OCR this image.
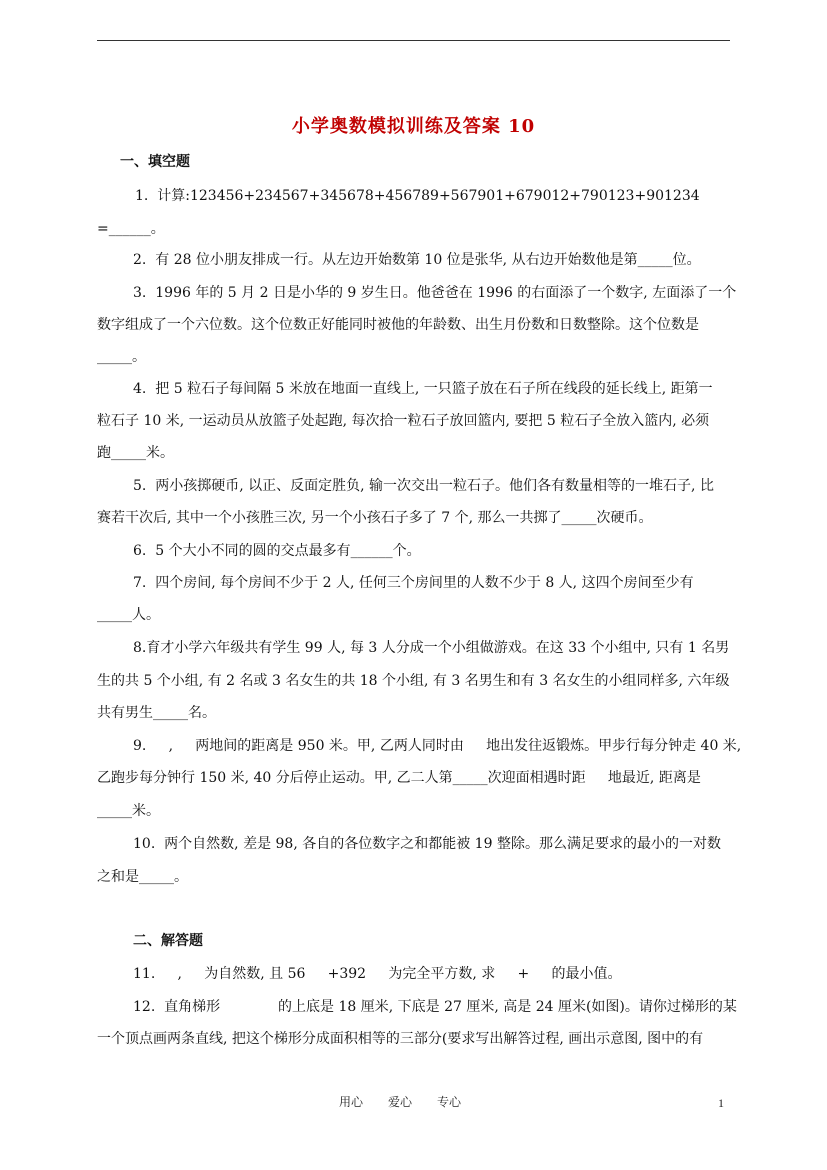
小学奥数模拟训练及答案 10
一、填空题
1.  计算:123456+234567+345678+456789+567901+679012+790123+901234
=______。
2.  有 28 位小朋友排成一行。从左边开始数第 10 位是张华, 从右边开始数他是第_____位。
3.  1996 年的 5 月 2 日是小华的 9 岁生日。他爸爸在 1996 的右面添了一个数字, 左面添了一个
数字组成了一个六位数。这个位数正好能同时被他的年龄数、出生月份数和日数整除。这个位数是
_____。
4.  把 5 粒石子每间隔 5 米放在地面一直线上, 一只篮子放在石子所在线段的延长线上, 距第一
粒石子 10 米, 一运动员从放篮子处起跑, 每次拾一粒石子放回篮内, 要把 5 粒石子全放入篮内, 必须
跑_____米。
5.  两小孩掷硬币, 以正、反面定胜负, 输一次交出一粒石子。他们各有数量相等的一堆石子, 比
赛若干次后, 其中一个小孩胜三次, 另一个小孩石子多了 7 个, 那么一共掷了_____次硬币。
6.  5 个大小不同的圆的交点最多有______个。
7.  四个房间, 每个房间不少于 2 人, 任何三个房间里的人数不少于 8 人, 这四个房间至少有
_____人。
8.育才小学六年级共有学生 99 人, 每 3 人分成一个小组做游戏。在这 33 个小组中, 只有 1 名男
生的共 5 个小组, 有 2 名或 3 名女生的共 18 个小组, 有 3 名男生和有 3 名女生的小组同样多, 六年级
共有男生_____名。
9.     ,     两地间的距离是 950 米。甲, 乙两人同时由     地出发往返锻炼。甲步行每分钟走 40 米,
乙跑步每分钟行 150 米, 40 分后停止运动。甲, 乙二人第_____次迎面相遇时距     地最近, 距离是
_____米。
10.  两个自然数, 差是 98, 各自的各位数字之和都能被 19 整除。那么满足要求的最小的一对数
之和是_____。
二、解答题
11.     ,     为自然数, 且 56     +392     为完全平方数, 求     +     的最小值。
12.  直角梯形             的上底是 18 厘米, 下底是 27 厘米, 高是 24 厘米(如图)。请你过梯形的某
一个顶点画两条直线, 把这个梯形分成面积相等的三部分(要求写出解答过程, 画出示意图, 图中的有
用心 爱心 专心	1
